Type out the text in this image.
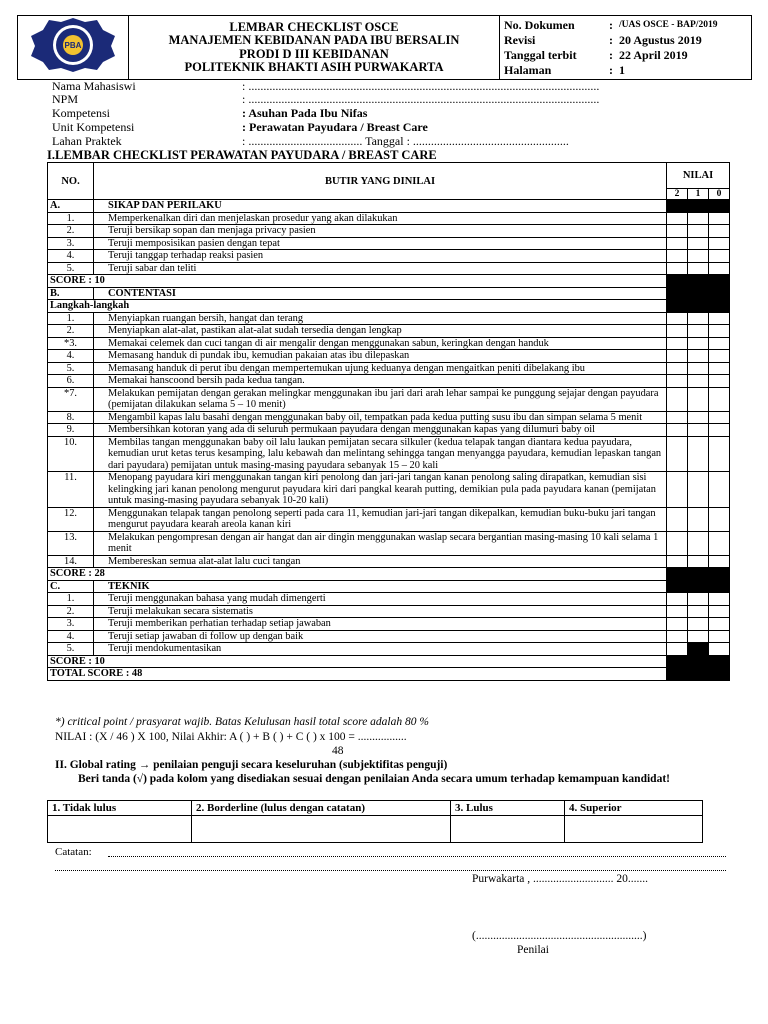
PBA

LEMBAR CHECKLIST OSCE
MANAJEMEN KEBIDANAN PADA IBU BERSALIN
PRODI D III KEBIDANAN
POLITEKNIK BHAKTI ASIH PURWAKARTA

No. Dokumen	: /UAS OSCE - BAP/2019
Revisi	: 20 Agustus 2019
Tanggal terbit	: 22 April 2019
Halaman	: 1
Nama Mahasiswi	: .....................................................................................................................
NPM	: .....................................................................................................................
Kompetensi	: Asuhan Pada Ibu Nifas
Unit Kompetensi	: Perawatan Payudara / Breast Care
Lahan Praktek	: ...................................... Tanggal : ....................................................
I.LEMBAR CHECKLIST PERAWATAN PAYUDARA / BREAST CARE
NO.	BUTIR YANG DINILAI	NILAI		
		2	1	0
A.	SIKAP DAN PERILAKU			
1.	Memperkenalkan diri dan menjelaskan prosedur yang akan dilakukan			
2.	Teruji bersikap sopan dan menjaga privacy pasien			
3.	Teruji memposisikan pasien dengan tepat			
4.	Teruji tanggap terhadap reaksi pasien			
5.	Teruji sabar dan teliti			
SCORE : 10				
B.	CONTENTASI			
Langkah-langkah				
1.	Menyiapkan ruangan bersih, hangat dan terang			
2.	Menyiapkan alat-alat, pastikan alat-alat sudah tersedia dengan lengkap			
*3.	Memakai celemek dan cuci tangan di air mengalir dengan menggunakan sabun, keringkan dengan handuk			
4.	Memasang handuk di pundak ibu, kemudian pakaian atas ibu dilepaskan			
5.	Memasang handuk di perut ibu dengan mempertemukan ujung keduanya dengan mengaitkan peniti dibelakang ibu			
6.	Memakai hanscoond bersih pada kedua tangan.			
*7.	Melakukan pemijatan dengan gerakan melingkar menggunakan ibu jari dari arah lehar sampai ke punggung sejajar dengan payudara (pemijatan dilakukan selama 5 – 10 menit)			
8.	Mengambil kapas lalu basahi dengan menggunakan baby oil, tempatkan pada kedua putting susu ibu dan simpan selama 5 menit			
9.	Membersihkan kotoran yang ada di seluruh permukaan payudara dengan menggunakan kapas yang dilumuri baby oil			
10.	Membilas tangan menggunakan baby oil lalu laukan pemijatan secara silkuler (kedua telapak tangan diantara kedua payudara, kemudian urut ketas terus kesamping, lalu kebawah dan melintang sehingga tangan menyangga payudara, kemudian lepaskan tangan dari payudara) pemijatan untuk masing-masing payudara sebanyak 15 – 20 kali			
11.	Menopang payudara kiri menggunakan tangan kiri penolong dan jari-jari tangan kanan penolong saling dirapatkan, kemudian sisi kelingking jari kanan penolong mengurut payudara kiri dari pangkal kearah putting, demikian pula pada payudara kanan (pemijatan untuk masing-masing payudara sebanyak 10-20 kali)			
12.	Menggunakan telapak tangan penolong seperti pada cara 11, kemudian jari-jari tangan dikepalkan, kemudian buku-buku jari tangan mengurut payudara kearah areola kanan kiri			
13.	Melakukan pengompresan dengan air hangat dan air dingin menggunakan waslap secara bergantian masing-masing 10 kali selama 1 menit			
14.	Membereskan semua alat-alat lalu cuci tangan			
SCORE : 28				
C.	TEKNIK			
1.	Teruji menggunakan bahasa yang mudah dimengerti			
2.	Teruji melakukan secara sistematis			
3.	Teruji memberikan perhatian terhadap setiap jawaban			
4.	Teruji setiap jawaban di follow up dengan baik			
5.	Teruji mendokumentasikan			
SCORE : 10				
TOTAL SCORE : 48				
*) critical point / prasyarat wajib. Batas Kelulusan hasil total score adalah 80 %
NILAI : (X / 46 ) X 100, Nilai Akhir: A ( ) + B ( ) + C ( ) x 100 = .................
48
II. Global rating → penilaian penguji secara keseluruhan (subjektifitas penguji)
Beri tanda (√) pada kolom yang disediakan sesuai dengan penilaian Anda secara umum terhadap kemampuan kandidat!
1. Tidak lulus	2. Borderline (lulus dengan catatan)	3. Lulus	4. Superior

Catatan:
Purwakarta , ............................ 20.......
(..........................................................)
Penilai
